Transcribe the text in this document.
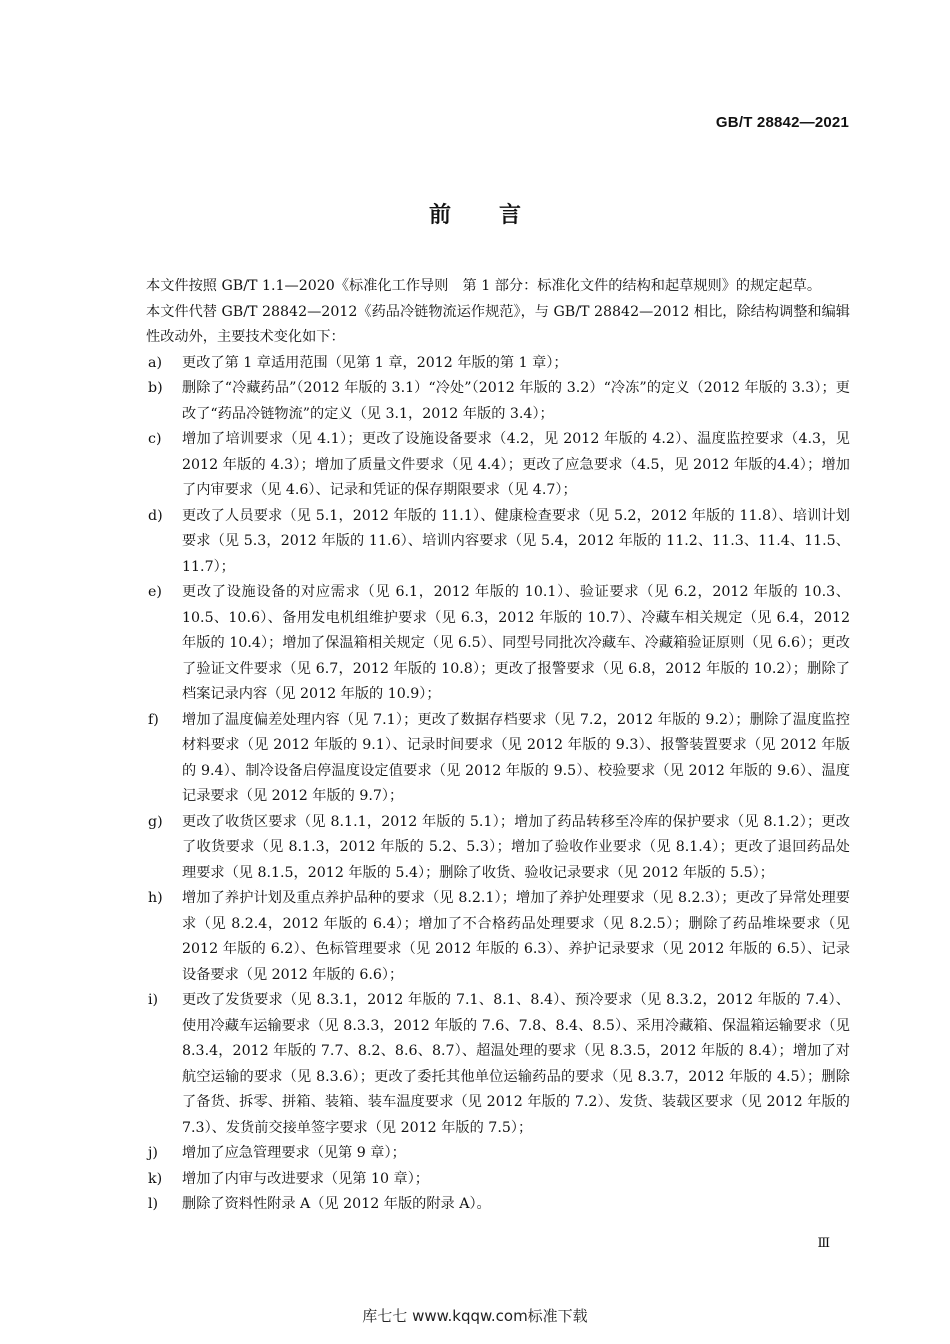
GB/T 28842—2021
前 言

本文件按照 GB/T 1.1—2020《标准化工作导则　第 1 部分：标准化文件的结构和起草规则》的规定起草。

本文件代替 GB/T 28842—2012《药品冷链物流运作规范》，与 GB/T 28842—2012 相比，除结构调整和编辑性改动外，主要技术变化如下：

a)	更改了第 1 章适用范围（见第 1 章，2012 年版的第 1 章）；
b)	删除了“冷藏药品”（2012 年版的 3.1）“冷处”（2012 年版的 3.2）“冷冻”的定义（2012 年版的 3.3）；更改了“药品冷链物流”的定义（见 3.1，2012 年版的 3.4）；
c)	增加了培训要求（见 4.1）；更改了设施设备要求（4.2，见 2012 年版的 4.2）、温度监控要求（4.3，见 2012 年版的 4.3）；增加了质量文件要求（见 4.4）；更改了应急要求（4.5，见 2012 年版的4.4）；增加了内审要求（见 4.6）、记录和凭证的保存期限要求（见 4.7）；
d)	更改了人员要求（见 5.1，2012 年版的 11.1）、健康检查要求（见 5.2，2012 年版的 11.8）、培训计划要求（见 5.3，2012 年版的 11.6）、培训内容要求（见 5.4，2012 年版的 11.2、11.3、11.4、11.5、11.7）；
e)	更改了设施设备的对应需求（见 6.1，2012 年版的 10.1）、验证要求（见 6.2，2012 年版的 10.3、10.5、10.6）、备用发电机组维护要求（见 6.3，2012 年版的 10.7）、冷藏车相关规定（见 6.4，2012 年版的 10.4）；增加了保温箱相关规定（见 6.5）、同型号同批次冷藏车、冷藏箱验证原则（见 6.6）；更改了验证文件要求（见 6.7，2012 年版的 10.8）；更改了报警要求（见 6.8，2012 年版的 10.2）；删除了档案记录内容（见 2012 年版的 10.9）；
f)	增加了温度偏差处理内容（见 7.1）；更改了数据存档要求（见 7.2，2012 年版的 9.2）；删除了温度监控材料要求（见 2012 年版的 9.1）、记录时间要求（见 2012 年版的 9.3）、报警装置要求（见 2012 年版的 9.4）、制冷设备启停温度设定值要求（见 2012 年版的 9.5）、校验要求（见 2012 年版的 9.6）、温度记录要求（见 2012 年版的 9.7）；
g)	更改了收货区要求（见 8.1.1，2012 年版的 5.1）；增加了药品转移至冷库的保护要求（见 8.1.2）；更改了收货要求（见 8.1.3，2012 年版的 5.2、5.3）；增加了验收作业要求（见 8.1.4）；更改了退回药品处理要求（见 8.1.5，2012 年版的 5.4）；删除了收货、验收记录要求（见 2012 年版的 5.5）；
h)	增加了养护计划及重点养护品种的要求（见 8.2.1）；增加了养护处理要求（见 8.2.3）；更改了异常处理要求（见 8.2.4，2012 年版的 6.4）；增加了不合格药品处理要求（见 8.2.5）；删除了药品堆垛要求（见 2012 年版的 6.2）、色标管理要求（见 2012 年版的 6.3）、养护记录要求（见 2012 年版的 6.5）、记录设备要求（见 2012 年版的 6.6）；
i)	更改了发货要求（见 8.3.1，2012 年版的 7.1、8.1、8.4）、预冷要求（见 8.3.2，2012 年版的 7.4）、使用冷藏车运输要求（见 8.3.3，2012 年版的 7.6、7.8、8.4、8.5）、采用冷藏箱、保温箱运输要求（见 8.3.4，2012 年版的 7.7、8.2、8.6、8.7）、超温处理的要求（见 8.3.5，2012 年版的 8.4）；增加了对航空运输的要求（见 8.3.6）；更改了委托其他单位运输药品的要求（见 8.3.7，2012 年版的 4.5）；删除了备货、拆零、拼箱、装箱、装车温度要求（见 2012 年版的 7.2）、发货、装载区要求（见 2012 年版的 7.3）、发货前交接单签字要求（见 2012 年版的 7.5）；
j)	增加了应急管理要求（见第 9 章）；
k)	增加了内审与改进要求（见第 10 章）；
l)	删除了资料性附录 A（见 2012 年版的附录 A）。
Ⅲ
库七七 www.kqqw.com标准下载
